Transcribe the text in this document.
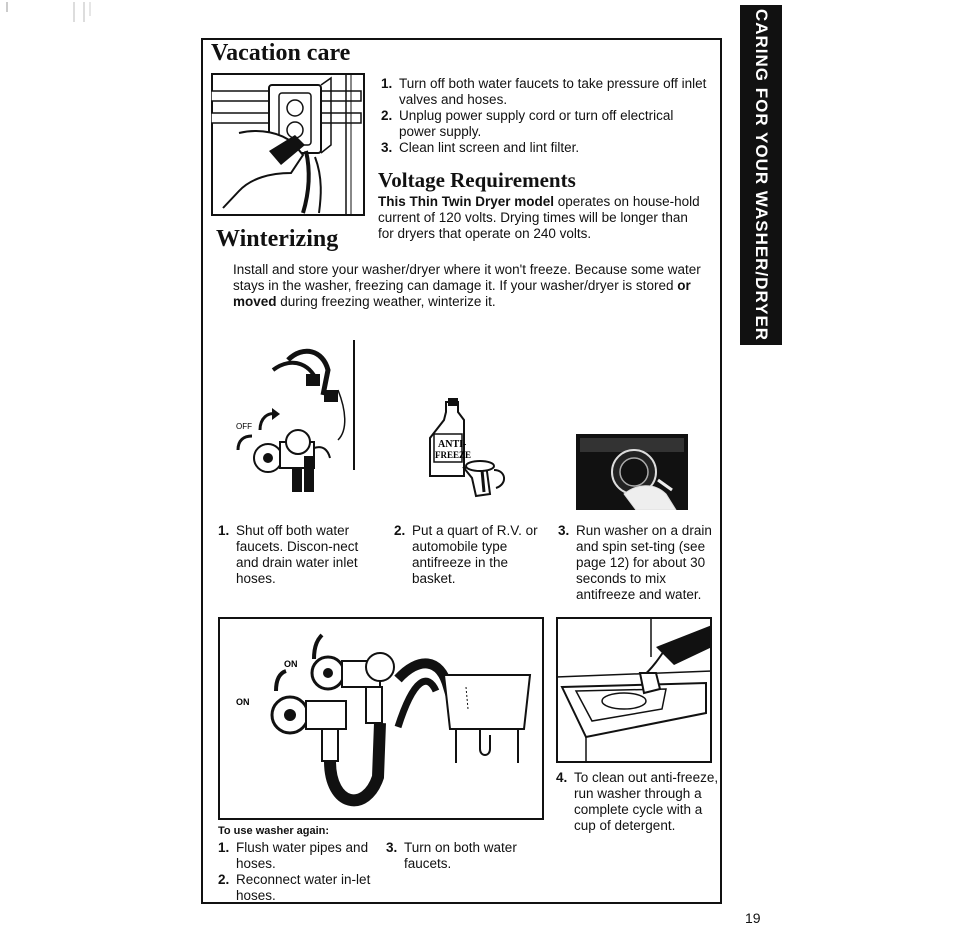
CARING FOR YOUR WASHER/DRYER
Vacation care
1. Turn off both water faucets to take pressure off inlet valves and hoses.
2. Unplug power supply cord or turn off electrical power supply.
3. Clean lint screen and lint filter.
Voltage Requirements
This Thin Twin Dryer model operates on house-hold current of 120 volts. Drying times will be longer than for dryers that operate on 240 volts.
Winterizing
Install and store your washer/dryer where it won't freeze. Because some water stays in the washer, freezing can damage it. If your washer/dryer is stored or moved during freezing weather, winterize it.
OFF
ANTI-
FREEZE
1. Shut off both water faucets. Discon-nect and drain water inlet hoses.
2. Put a quart of R.V. or automobile type antifreeze in the basket.
3. Run washer on a drain and spin set-ting (see page 12) for about 30 seconds to mix antifreeze and water.
ON
ON
4. To clean out anti-freeze, run washer through a complete cycle with a cup of detergent.
To use washer again:
1. Flush water pipes and hoses.
2. Reconnect water in-let hoses.
3. Turn on both water faucets.
19
